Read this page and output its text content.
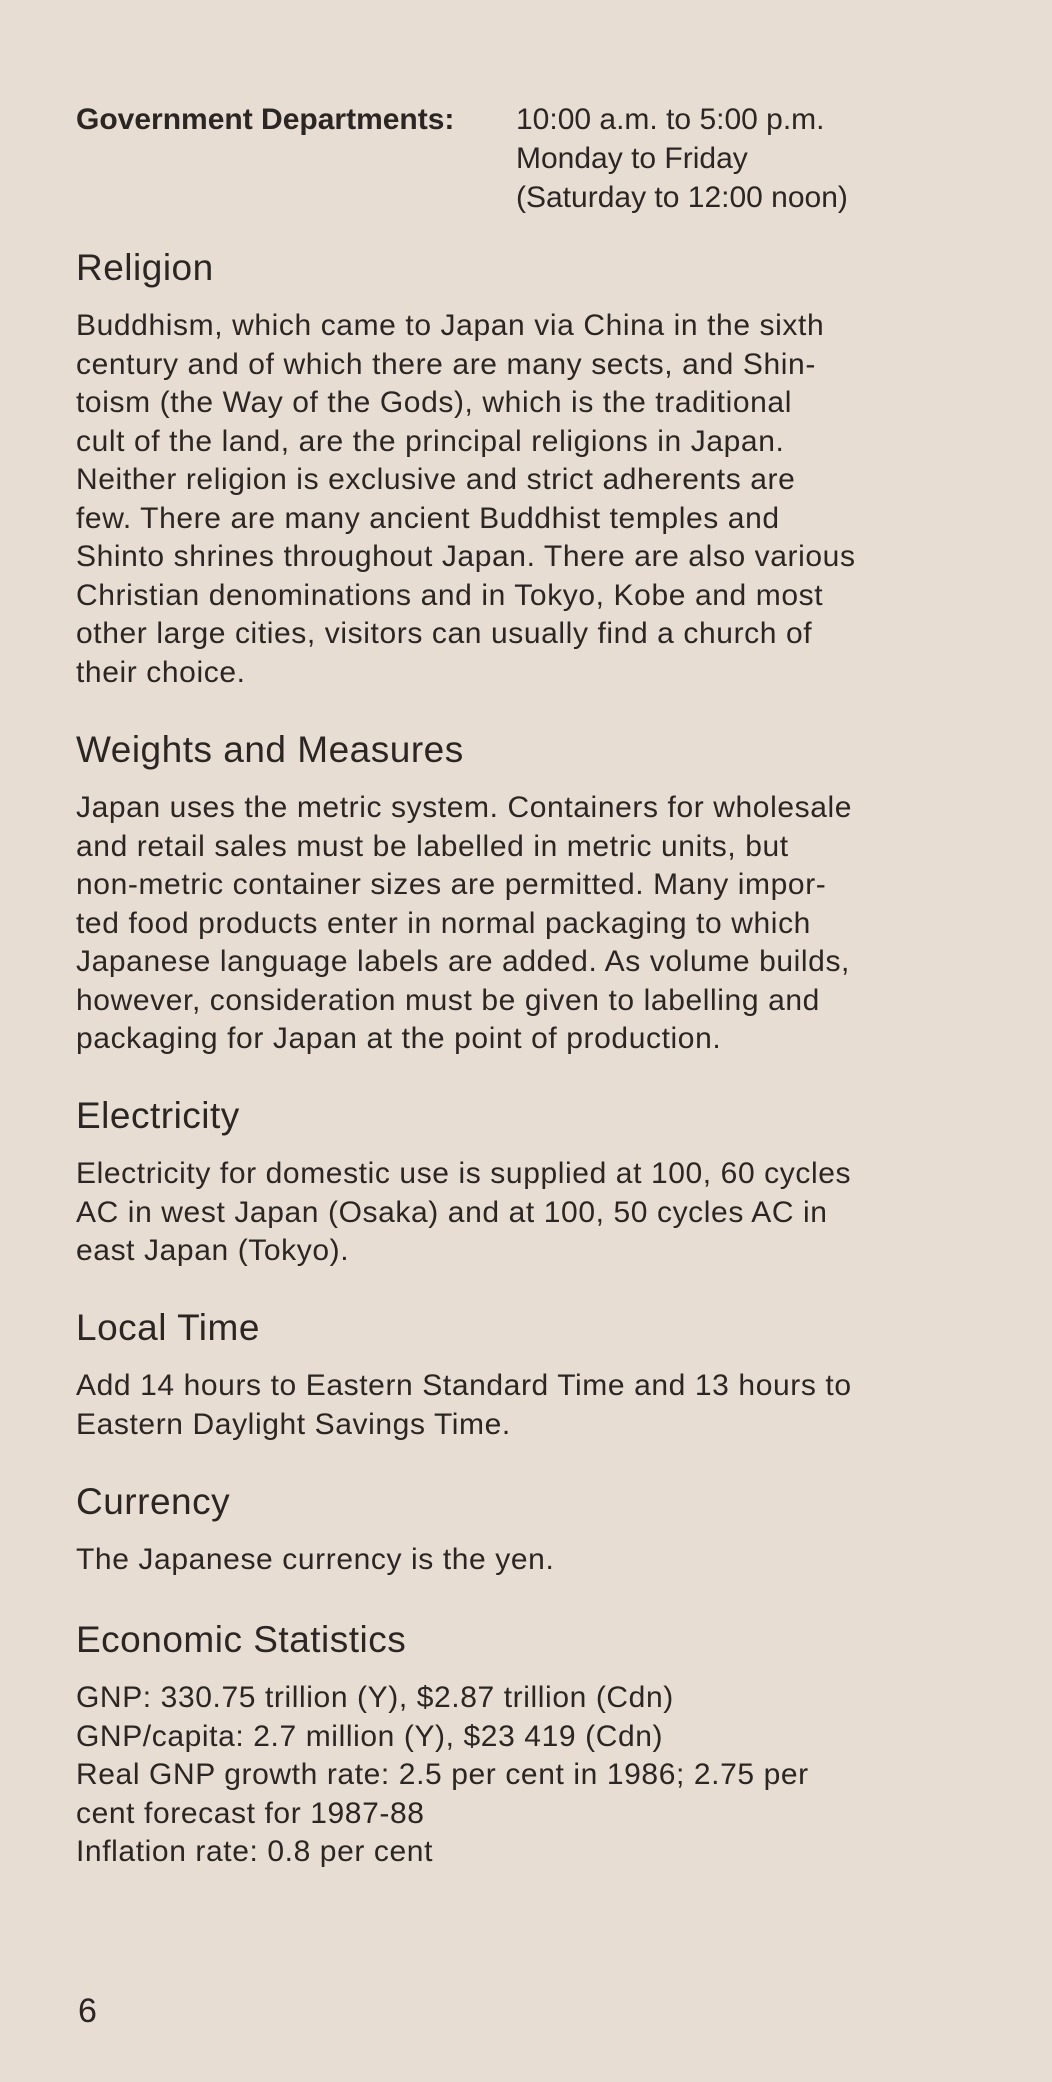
Government Departments: 10:00 a.m. to 5:00 p.m.
Monday to Friday
(Saturday to 12:00 noon)
Religion
Buddhism, which came to Japan via China in the sixth
century and of which there are many sects, and Shin-
toism (the Way of the Gods), which is the traditional
cult of the land, are the principal religions in Japan.
Neither religion is exclusive and strict adherents are
few. There are many ancient Buddhist temples and
Shinto shrines throughout Japan. There are also various
Christian denominations and in Tokyo, Kobe and most
other large cities, visitors can usually find a church of
their choice.
Weights and Measures
Japan uses the metric system. Containers for wholesale
and retail sales must be labelled in metric units, but
non-metric container sizes are permitted. Many impor-
ted food products enter in normal packaging to which
Japanese language labels are added. As volume builds,
however, consideration must be given to labelling and
packaging for Japan at the point of production.
Electricity
Electricity for domestic use is supplied at 100, 60 cycles
AC in west Japan (Osaka) and at 100, 50 cycles AC in
east Japan (Tokyo).
Local Time
Add 14 hours to Eastern Standard Time and 13 hours to
Eastern Daylight Savings Time.
Currency
The Japanese currency is the yen.
Economic Statistics
GNP: 330.75 trillion (Y), $2.87 trillion (Cdn)
GNP/capita: 2.7 million (Y), $23 419 (Cdn)
Real GNP growth rate: 2.5 per cent in 1986; 2.75 per
cent forecast for 1987-88
Inflation rate: 0.8 per cent
6
